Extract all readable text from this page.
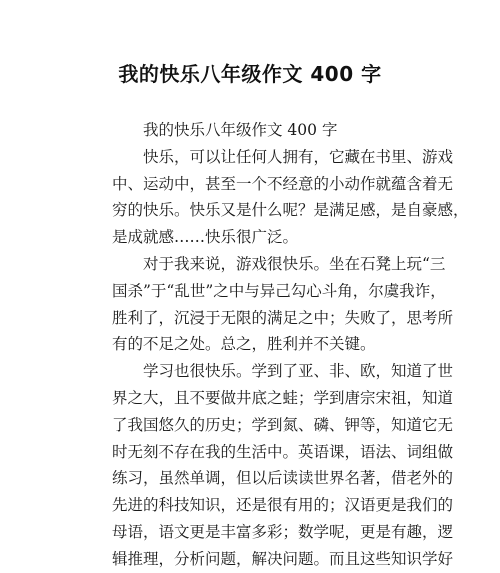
我的快乐八年级作文 400 字
我的快乐八年级作文 400 字
快乐，可以让任何人拥有，它藏在书里、游戏
中、运动中，甚至一个不经意的小动作就蕴含着无
穷的快乐。快乐又是什么呢？是满足感，是自豪感，
是成就感……快乐很广泛。
对于我来说，游戏很快乐。坐在石凳上玩“三
国杀”于“乱世”之中与异己勾心斗角，尔虞我诈，
胜利了，沉浸于无限的满足之中；失败了，思考所
有的不足之处。总之，胜利并不关键。
学习也很快乐。学到了亚、非、欧，知道了世
界之大，且不要做井底之蛙；学到唐宗宋祖，知道
了我国悠久的历史；学到氮、磷、钾等，知道它无
时无刻不存在我的生活中。英语课，语法、词组做
练习，虽然单调，但以后读读世界名著，借老外的
先进的科技知识，还是很有用的；汉语更是我们的
母语，语文更是丰富多彩；数学呢，更是有趣，逻
辑推理，分析问题，解决问题。而且这些知识学好
